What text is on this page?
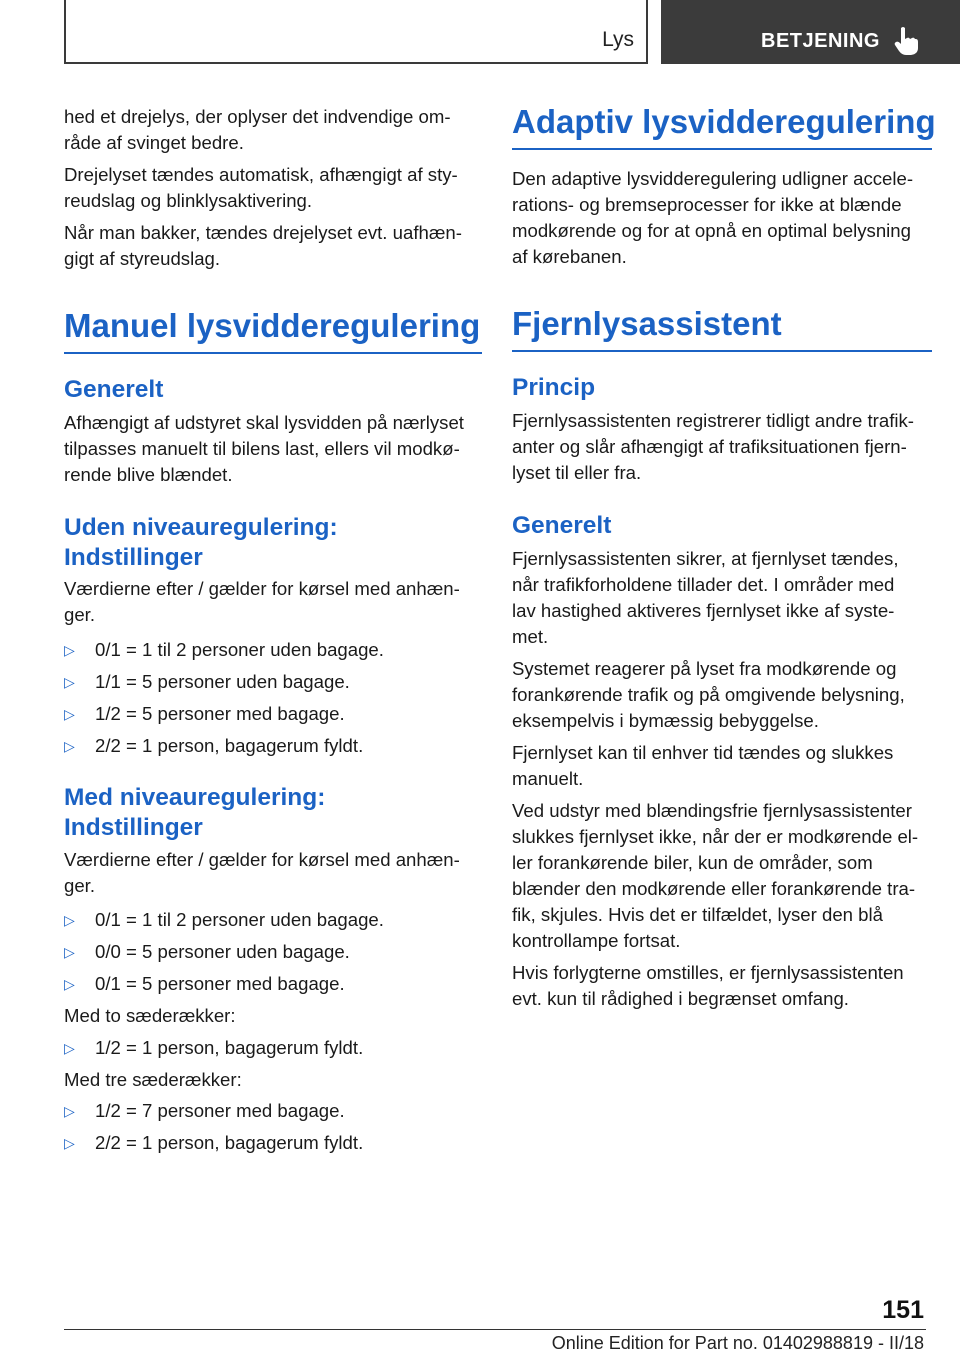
Lys	BETJENING

hed et drejelys, der oplyser det indvendige om-
råde af svinget bedre.

Drejelyset tændes automatisk, afhængigt af sty-
reudslag og blinklysaktivering.

Når man bakker, tændes drejelyset evt. uafhæn-
gigt af styreudslag.

Manuel lysvidderegulering
Generelt

Afhængigt af udstyret skal lysvidden på nærlyset
tilpasses manuelt til bilens last, ellers vil modkø-
rende blive blændet.

Uden niveauregulering:
Indstillinger

Værdierne efter / gælder for kørsel med anhæn-
ger.

▷ 0/1 = 1 til 2 personer uden bagage.
▷ 1/1 = 5 personer uden bagage.
▷ 1/2 = 5 personer med bagage.
▷ 2/2 = 1 person, bagagerum fyldt.
Med niveauregulering:
Indstillinger

Værdierne efter / gælder for kørsel med anhæn-
ger.

▷ 0/1 = 1 til 2 personer uden bagage.
▷ 0/0 = 5 personer uden bagage.
▷ 0/1 = 5 personer med bagage.

Med to sæderækker:

▷ 1/2 = 1 person, bagagerum fyldt.

Med tre sæderækker:

▷ 1/2 = 7 personer med bagage.
▷ 2/2 = 1 person, bagagerum fyldt.
Adaptiv lysvidderegulering

Den adaptive lysvidderegulering udligner accele-
rations- og bremseprocesser for ikke at blænde
modkørende og for at opnå en optimal belysning
af kørebanen.

Fjernlysassistent
Princip

Fjernlysassistenten registrerer tidligt andre trafik-
anter og slår afhængigt af trafiksituationen fjern-
lyset til eller fra.

Generelt

Fjernlysassistenten sikrer, at fjernlyset tændes,
når trafikforholdene tillader det. I områder med
lav hastighed aktiveres fjernlyset ikke af syste-
met.

Systemet reagerer på lyset fra modkørende og
forankørende trafik og på omgivende belysning,
eksempelvis i bymæssig bebyggelse.

Fjernlyset kan til enhver tid tændes og slukkes
manuelt.

Ved udstyr med blændingsfrie fjernlysassistenter
slukkes fjernlyset ikke, når der er modkørende el-
ler forankørende biler, kun de områder, som
blænder den modkørende eller forankørende tra-
fik, skjules. Hvis det er tilfældet, lyser den blå
kontrollampe fortsat.

Hvis forlygterne omstilles, er fjernlysassistenten
evt. kun til rådighed i begrænset omfang.

151
Online Edition for Part no. 01402988819 - II/18
